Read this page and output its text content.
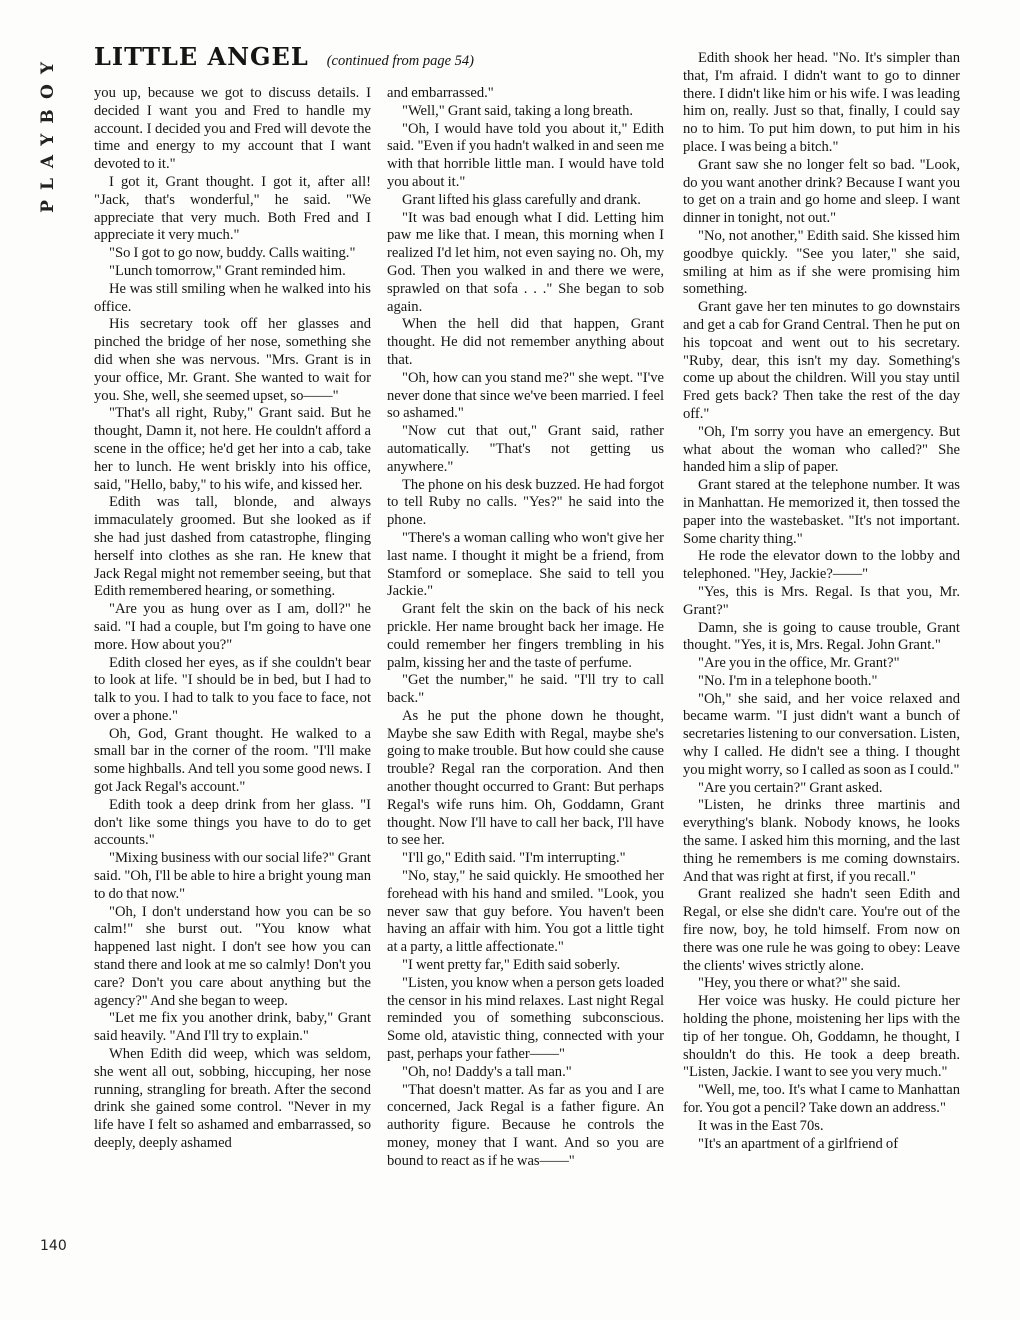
PLAYBOY LITTLE ANGEL (continued from page 54)

you up, because we got to discuss details. I decided I want you and Fred to handle my account. I decided you and Fred will devote the time and energy to my account that I want devoted to it."

I got it, Grant thought. I got it, after all! "Jack, that's wonderful," he said. "We appreciate that very much. Both Fred and I appreciate it very much."

"So I got to go now, buddy. Calls waiting."

"Lunch tomorrow," Grant reminded him.

He was still smiling when he walked into his office.

His secretary took off her glasses and pinched the bridge of her nose, something she did when she was nervous. "Mrs. Grant is in your office, Mr. Grant. She wanted to wait for you. She, well, she seemed upset, so——"

"That's all right, Ruby," Grant said. But he thought, Damn it, not here. He couldn't afford a scene in the office; he'd get her into a cab, take her to lunch. He went briskly into his office, said, "Hello, baby," to his wife, and kissed her.

Edith was tall, blonde, and always immaculately groomed. But she looked as if she had just dashed from catastrophe, flinging herself into clothes as she ran. He knew that Jack Regal might not remember seeing, but that Edith remembered hearing, or something.

"Are you as hung over as I am, doll?" he said. "I had a couple, but I'm going to have one more. How about you?"

Edith closed her eyes, as if she couldn't bear to look at life. "I should be in bed, but I had to talk to you. I had to talk to you face to face, not over a phone."

Oh, God, Grant thought. He walked to a small bar in the corner of the room. "I'll make some highballs. And tell you some good news. I got Jack Regal's account."

Edith took a deep drink from her glass. "I don't like some things you have to do to get accounts."

"Mixing business with our social life?" Grant said. "Oh, I'll be able to hire a bright young man to do that now."

"Oh, I don't understand how you can be so calm!" she burst out. "You know what happened last night. I don't see how you can stand there and look at me so calmly! Don't you care? Don't you care about anything but the agency?" And she began to weep.

"Let me fix you another drink, baby," Grant said heavily. "And I'll try to explain."

When Edith did weep, which was seldom, she went all out, sobbing, hiccuping, her nose running, strangling for breath. After the second drink she gained some control. "Never in my life have I felt so ashamed and embarrassed, so deeply, deeply ashamed

and embarrassed."

"Well," Grant said, taking a long breath.

"Oh, I would have told you about it," Edith said. "Even if you hadn't walked in and seen me with that horrible little man. I would have told you about it."

Grant lifted his glass carefully and drank.

"It was bad enough what I did. Letting him paw me like that. I mean, this morning when I realized I'd let him, not even saying no. Oh, my God. Then you walked in and there we were, sprawled on that sofa . . ." She began to sob again.

When the hell did that happen, Grant thought. He did not remember anything about that.

"Oh, how can you stand me?" she wept. "I've never done that since we've been married. I feel so ashamed."

"Now cut that out," Grant said, rather automatically. "That's not getting us anywhere."

The phone on his desk buzzed. He had forgot to tell Ruby no calls. "Yes?" he said into the phone.

"There's a woman calling who won't give her last name. I thought it might be a friend, from Stamford or someplace. She said to tell you Jackie."

Grant felt the skin on the back of his neck prickle. Her name brought back her image. He could remember her fingers trembling in his palm, kissing her and the taste of perfume.

"Get the number," he said. "I'll try to call back."

As he put the phone down he thought, Maybe she saw Edith with Regal, maybe she's going to make trouble. But how could she cause trouble? Regal ran the corporation. And then another thought occurred to Grant: But perhaps Regal's wife runs him. Oh, Goddamn, Grant thought. Now I'll have to call her back, I'll have to see her.

"I'll go," Edith said. "I'm interrupting."

"No, stay," he said quickly. He smoothed her forehead with his hand and smiled. "Look, you never saw that guy before. You haven't been having an affair with him. You got a little tight at a party, a little affectionate."

"I went pretty far," Edith said soberly.

"Listen, you know when a person gets loaded the censor in his mind relaxes. Last night Regal reminded you of something subconscious. Some old, atavistic thing, connected with your past, perhaps your father——"

"Oh, no! Daddy's a tall man."

"That doesn't matter. As far as you and I are concerned, Jack Regal is a father figure. An authority figure. Because he controls the money, money that I want. And so you are bound to react as if he was——"

Edith shook her head. "No. It's simpler than that, I'm afraid. I didn't want to go to dinner there. I didn't like him or his wife. I was leading him on, really. Just so that, finally, I could say no to him. To put him down, to put him in his place. I was being a bitch."

Grant saw she no longer felt so bad. "Look, do you want another drink? Because I want you to get on a train and go home and sleep. I want dinner in tonight, not out."

"No, not another," Edith said. She kissed him goodbye quickly. "See you later," she said, smiling at him as if she were promising him something.

Grant gave her ten minutes to go downstairs and get a cab for Grand Central. Then he put on his topcoat and went out to his secretary. "Ruby, dear, this isn't my day. Something's come up about the children. Will you stay until Fred gets back? Then take the rest of the day off."

"Oh, I'm sorry you have an emergency. But what about the woman who called?" She handed him a slip of paper.

Grant stared at the telephone number. It was in Manhattan. He memorized it, then tossed the paper into the wastebasket. "It's not important. Some charity thing."

He rode the elevator down to the lobby and telephoned. "Hey, Jackie?——"

"Yes, this is Mrs. Regal. Is that you, Mr. Grant?"

Damn, she is going to cause trouble, Grant thought. "Yes, it is, Mrs. Regal. John Grant."

"Are you in the office, Mr. Grant?"

"No. I'm in a telephone booth."

"Oh," she said, and her voice relaxed and became warm. "I just didn't want a bunch of secretaries listening to our conversation. Listen, why I called. He didn't see a thing. I thought you might worry, so I called as soon as I could."

"Are you certain?" Grant asked.

"Listen, he drinks three martinis and everything's blank. Nobody knows, he looks the same. I asked him this morning, and the last thing he remembers is me coming downstairs. And that was right at first, if you recall."

Grant realized she hadn't seen Edith and Regal, or else she didn't care. You're out of the fire now, boy, he told himself. From now on there was one rule he was going to obey: Leave the clients' wives strictly alone.

"Hey, you there or what?" she said.

Her voice was husky. He could picture her holding the phone, moistening her lips with the tip of her tongue. Oh, Goddamn, he thought, I shouldn't do this. He took a deep breath. "Listen, Jackie. I want to see you very much."

"Well, me, too. It's what I came to Manhattan for. You got a pencil? Take down an address."

It was in the East 70s.

"It's an apartment of a girlfriend of

140
